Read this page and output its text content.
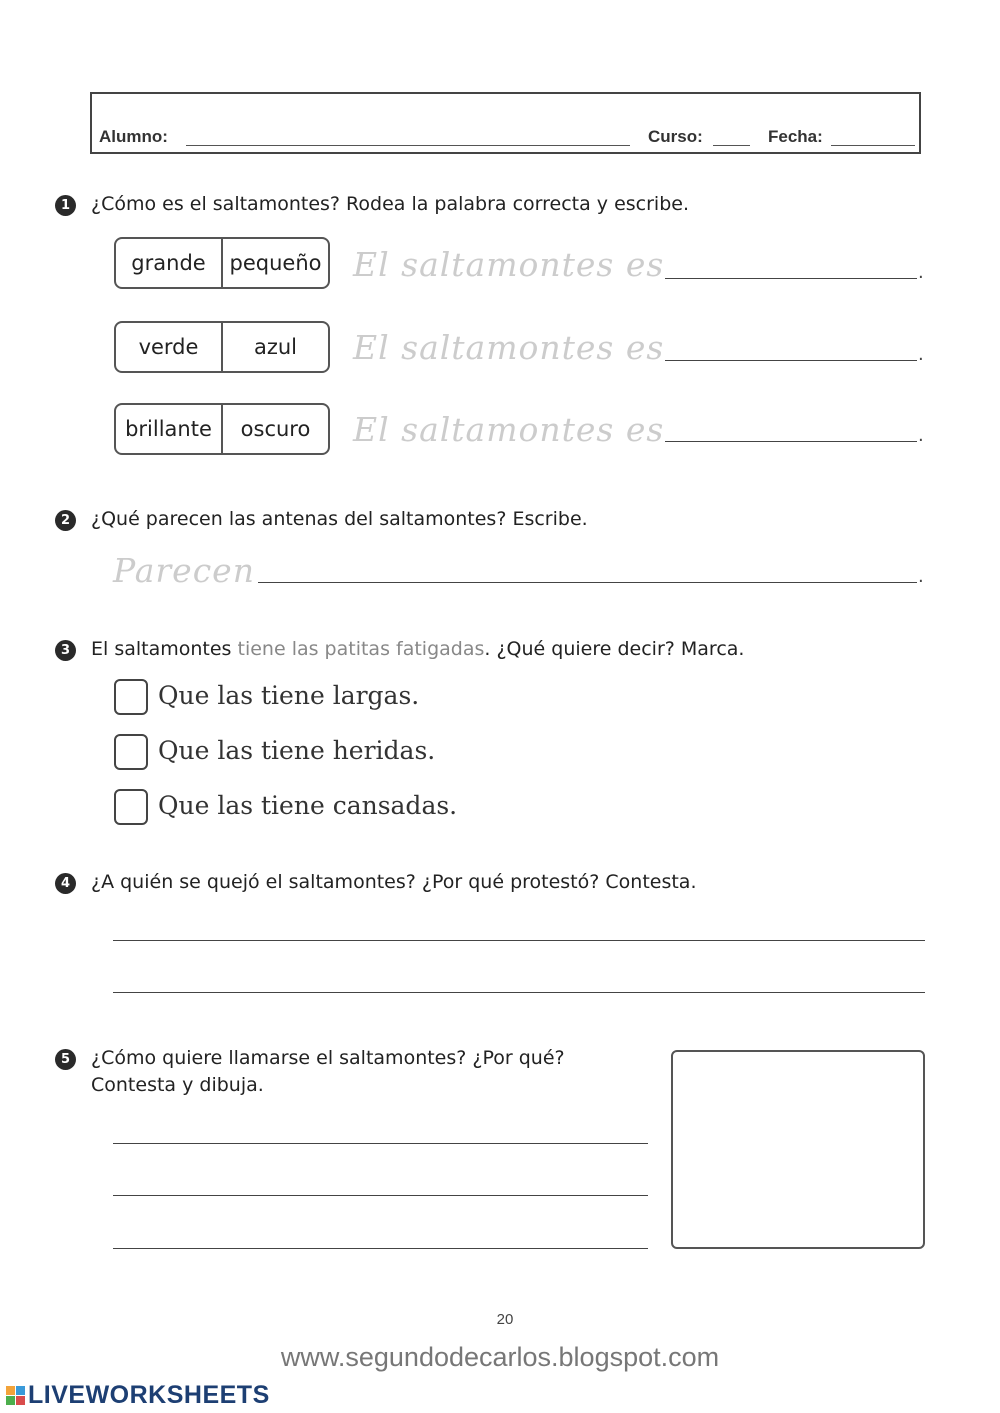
Alumno:	Curso:	Fecha:
1	¿Cómo es el saltamontes? Rodea la palabra correcta y escribe.
grande	pequeño El saltamontes es	.
verde	azul	El saltamontes es	.
brillante	oscuro	El saltamontes es	.
2	¿Qué parecen las antenas del saltamontes? Escribe.
Parecen	.
3	El saltamontes tiene las patitas fatigadas. ¿Qué quiere decir? Marca.
Que las tiene largas.
Que las tiene heridas.
Que las tiene cansadas.
4	¿A quién se quejó el saltamontes? ¿Por qué protestó? Contesta.
5	¿Cómo quiere llamarse el saltamontes? ¿Por qué?
Contesta y dibuja.
20
www.segundodecarlos.blogspot.com
LIVEWORKSHEETS
